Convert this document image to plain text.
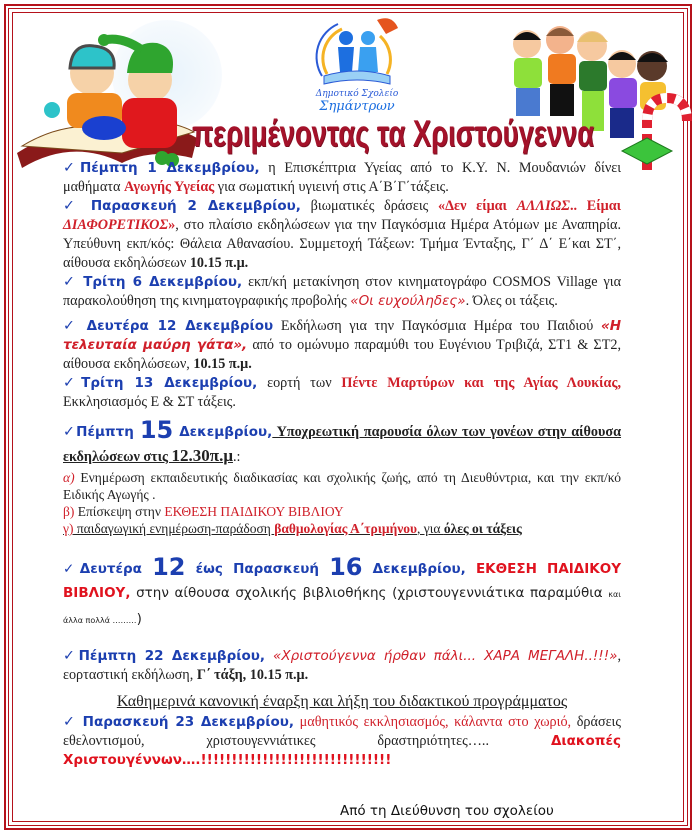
Δημοτικό Σχολείο
Σημάντρων
περιμένοντας τα Χριστούγεννα

✓Πέμπτη 1 Δεκεμβρίου, η Επισκέπτρια Υγείας από το Κ.Υ. Ν. Μουδανιών δίνει μαθήματα Αγωγής Υγείας για σωματική υγιεινή στις Α΄Β΄Γ΄τάξεις.

✓ Παρασκευή 2 Δεκεμβρίου, βιωματικές δράσεις «Δεν είμαι ΑΛΛΙΩΣ.. Είμαι ΔΙΑΦΟΡΕΤΙΚΟΣ», στο πλαίσιο εκδηλώσεων για την Παγκόσμια Ημέρα Ατόμων με Αναπηρία. Υπεύθυνη εκπ/κός: Θάλεια Αθανασίου. Συμμετοχή Τάξεων: Τμήμα Ένταξης, Γ΄ Δ΄ Ε΄και ΣΤ΄, αίθουσα εκδηλώσεων 10.15 π.μ.

✓ Τρίτη 6 Δεκεμβρίου, εκπ/κή μετακίνηση στον κινηματογράφο COSMOS Village για παρακολούθηση της κινηματογραφικής προβολής «Οι ευχούληδες». Όλες οι τάξεις.

✓ Δευτέρα 12 Δεκεμβρίου Εκδήλωση για την Παγκόσμια Ημέρα του Παιδιού «Η τελευταία μαύρη γάτα», από το ομώνυμο παραμύθι του Ευγένιου Τριβιζά, ΣΤ1 & ΣΤ2, αίθουσα εκδηλώσεων, 10.15 π.μ.

✓Τρίτη 13 Δεκεμβρίου, εορτή των Πέντε Μαρτύρων και της Αγίας Λουκίας, Εκκλησιασμός Ε & ΣΤ τάξεις.

✓Πέμπτη 15 Δεκεμβρίου, Υποχρεωτική παρουσία όλων των γονέων στην αίθουσα εκδηλώσεων στις 12.30π.μ.:

α) Ενημέρωση εκπαιδευτικής διαδικασίας και σχολικής ζωής, από τη Διευθύντρια, και την εκπ/κό Ειδικής Αγωγής .

β) Επίσκεψη στην ΕΚΘΕΣΗ ΠΑΙΔΙΚΟΥ ΒΙΒΛΙΟΥ

γ) παιδαγωγική ενημέρωση-παράδοση βαθμολογίας Α΄τριμήνου, για όλες οι τάξεις

✓Δευτέρα 12 έως Παρασκευή 16 Δεκεμβρίου, ΕΚΘΕΣΗ ΠΑΙΔΙΚΟΥ ΒΙΒΛΙΟΥ, στην αίθουσα σχολικής βιβλιοθήκης (χριστουγεννιάτικα παραμύθια και άλλα πολλά ………)

✓Πέμπτη 22 Δεκεμβρίου, «Χριστούγεννα ήρθαν πάλι... ΧΑΡΑ ΜΕΓΑΛΗ..!!!», εορταστική εκδήλωση, Γ΄ τάξη, 10.15 π.μ.

Καθημερινά κανονική έναρξη και λήξη του διδακτικού προγράμματος

✓ Παρασκευή 23 Δεκεμβρίου, μαθητικός εκκλησιασμός, κάλαντα στο χωριό, δράσεις εθελοντισμού, χριστουγεννιάτικες δραστηριότητες….. Διακοπές Χριστουγέννων….!!!!!!!!!!!!!!!!!!!!!!!!!!!!!!!

Από τη Διεύθυνση του σχολείου
